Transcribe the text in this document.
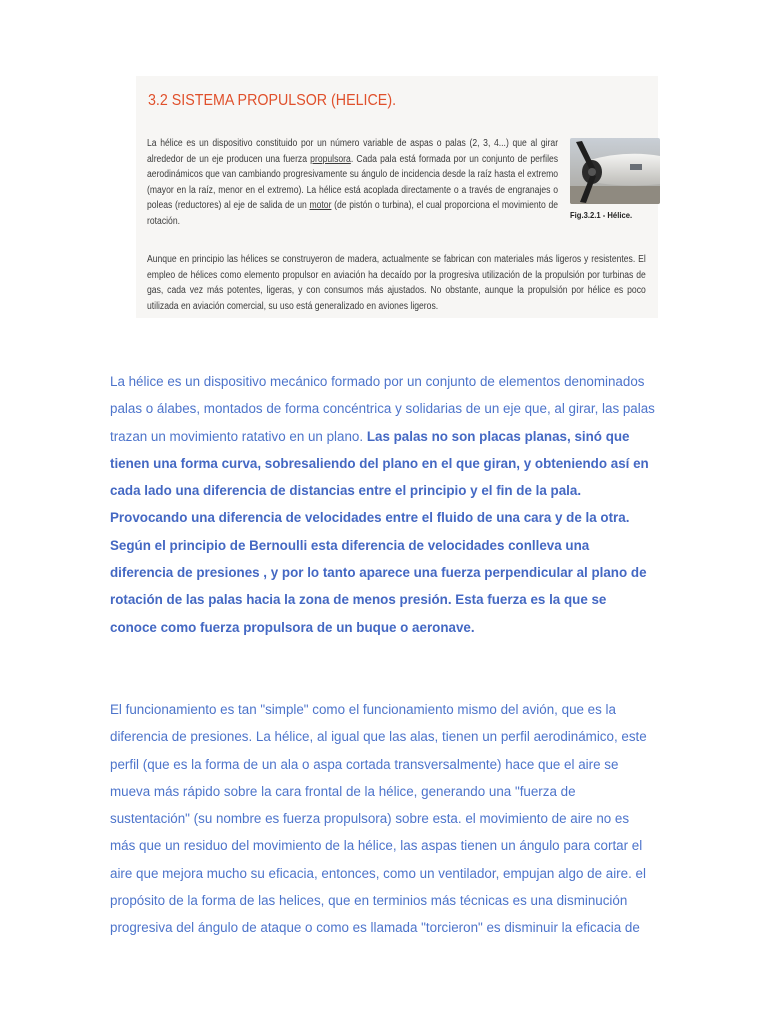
3.2 SISTEMA PROPULSOR (HELICE).

La hélice es un dispositivo constituido por un número variable de aspas o palas (2, 3, 4...) que al girar alrededor de un eje producen una fuerza propulsora. Cada pala está formada por un conjunto de perfiles aerodinámicos que van cambiando progresivamente su ángulo de incidencia desde la raíz hasta el extremo (mayor en la raíz, menor en el extremo). La hélice está acoplada directamente o a través de engranajes o poleas (reductores) al eje de salida de un motor (de pistón o turbina), el cual proporciona el movimiento de rotación.

Fig.3.2.1 - Hélice.

Aunque en principio las hélices se construyeron de madera, actualmente se fabrican con materiales más ligeros y resistentes. El empleo de hélices como elemento propulsor en aviación ha decaído por la progresiva utilización de la propulsión por turbinas de gas, cada vez más potentes, ligeras, y con consumos más ajustados. No obstante, aunque la propulsión por hélice es poco utilizada en aviación comercial, su uso está generalizado en aviones ligeros.

La hélice es un dispositivo mecánico formado por un conjunto de elementos denominados palas o álabes, montados de forma concéntrica y solidarias de un eje que, al girar, las palas trazan un movimiento ratativo en un plano. Las palas no son placas planas, sinó que tienen una forma curva, sobresaliendo del plano en el que giran, y obteniendo así en cada lado una diferencia de distancias entre el principio y el fin de la pala. Provocando una diferencia de velocidades entre el fluido de una cara y de la otra. Según el principio de Bernoulli esta diferencia de velocidades conlleva una diferencia de presiones , y por lo tanto aparece una fuerza perpendicular al plano de rotación de las palas hacia la zona de menos presión. Esta fuerza es la que se conoce como fuerza propulsora de un buque o aeronave.

El funcionamiento es tan "simple" como el funcionamiento mismo del avión, que es la diferencia de presiones. La hélice, al igual que las alas, tienen un perfil aerodinámico, este perfil (que es la forma de un ala o aspa cortada transversalmente) hace que el aire se mueva más rápido sobre la cara frontal de la hélice, generando una "fuerza de sustentación" (su nombre es fuerza propulsora) sobre esta. el movimiento de aire no es más que un residuo del movimiento de la hélice, las aspas tienen un ángulo para cortar el aire que mejora mucho su eficacia, entonces, como un ventilador, empujan algo de aire. el propósito de la forma de las helices, que en terminios más técnicas es una disminución progresiva del ángulo de ataque o como es llamada "torcieron" es disminuir la eficacia de
